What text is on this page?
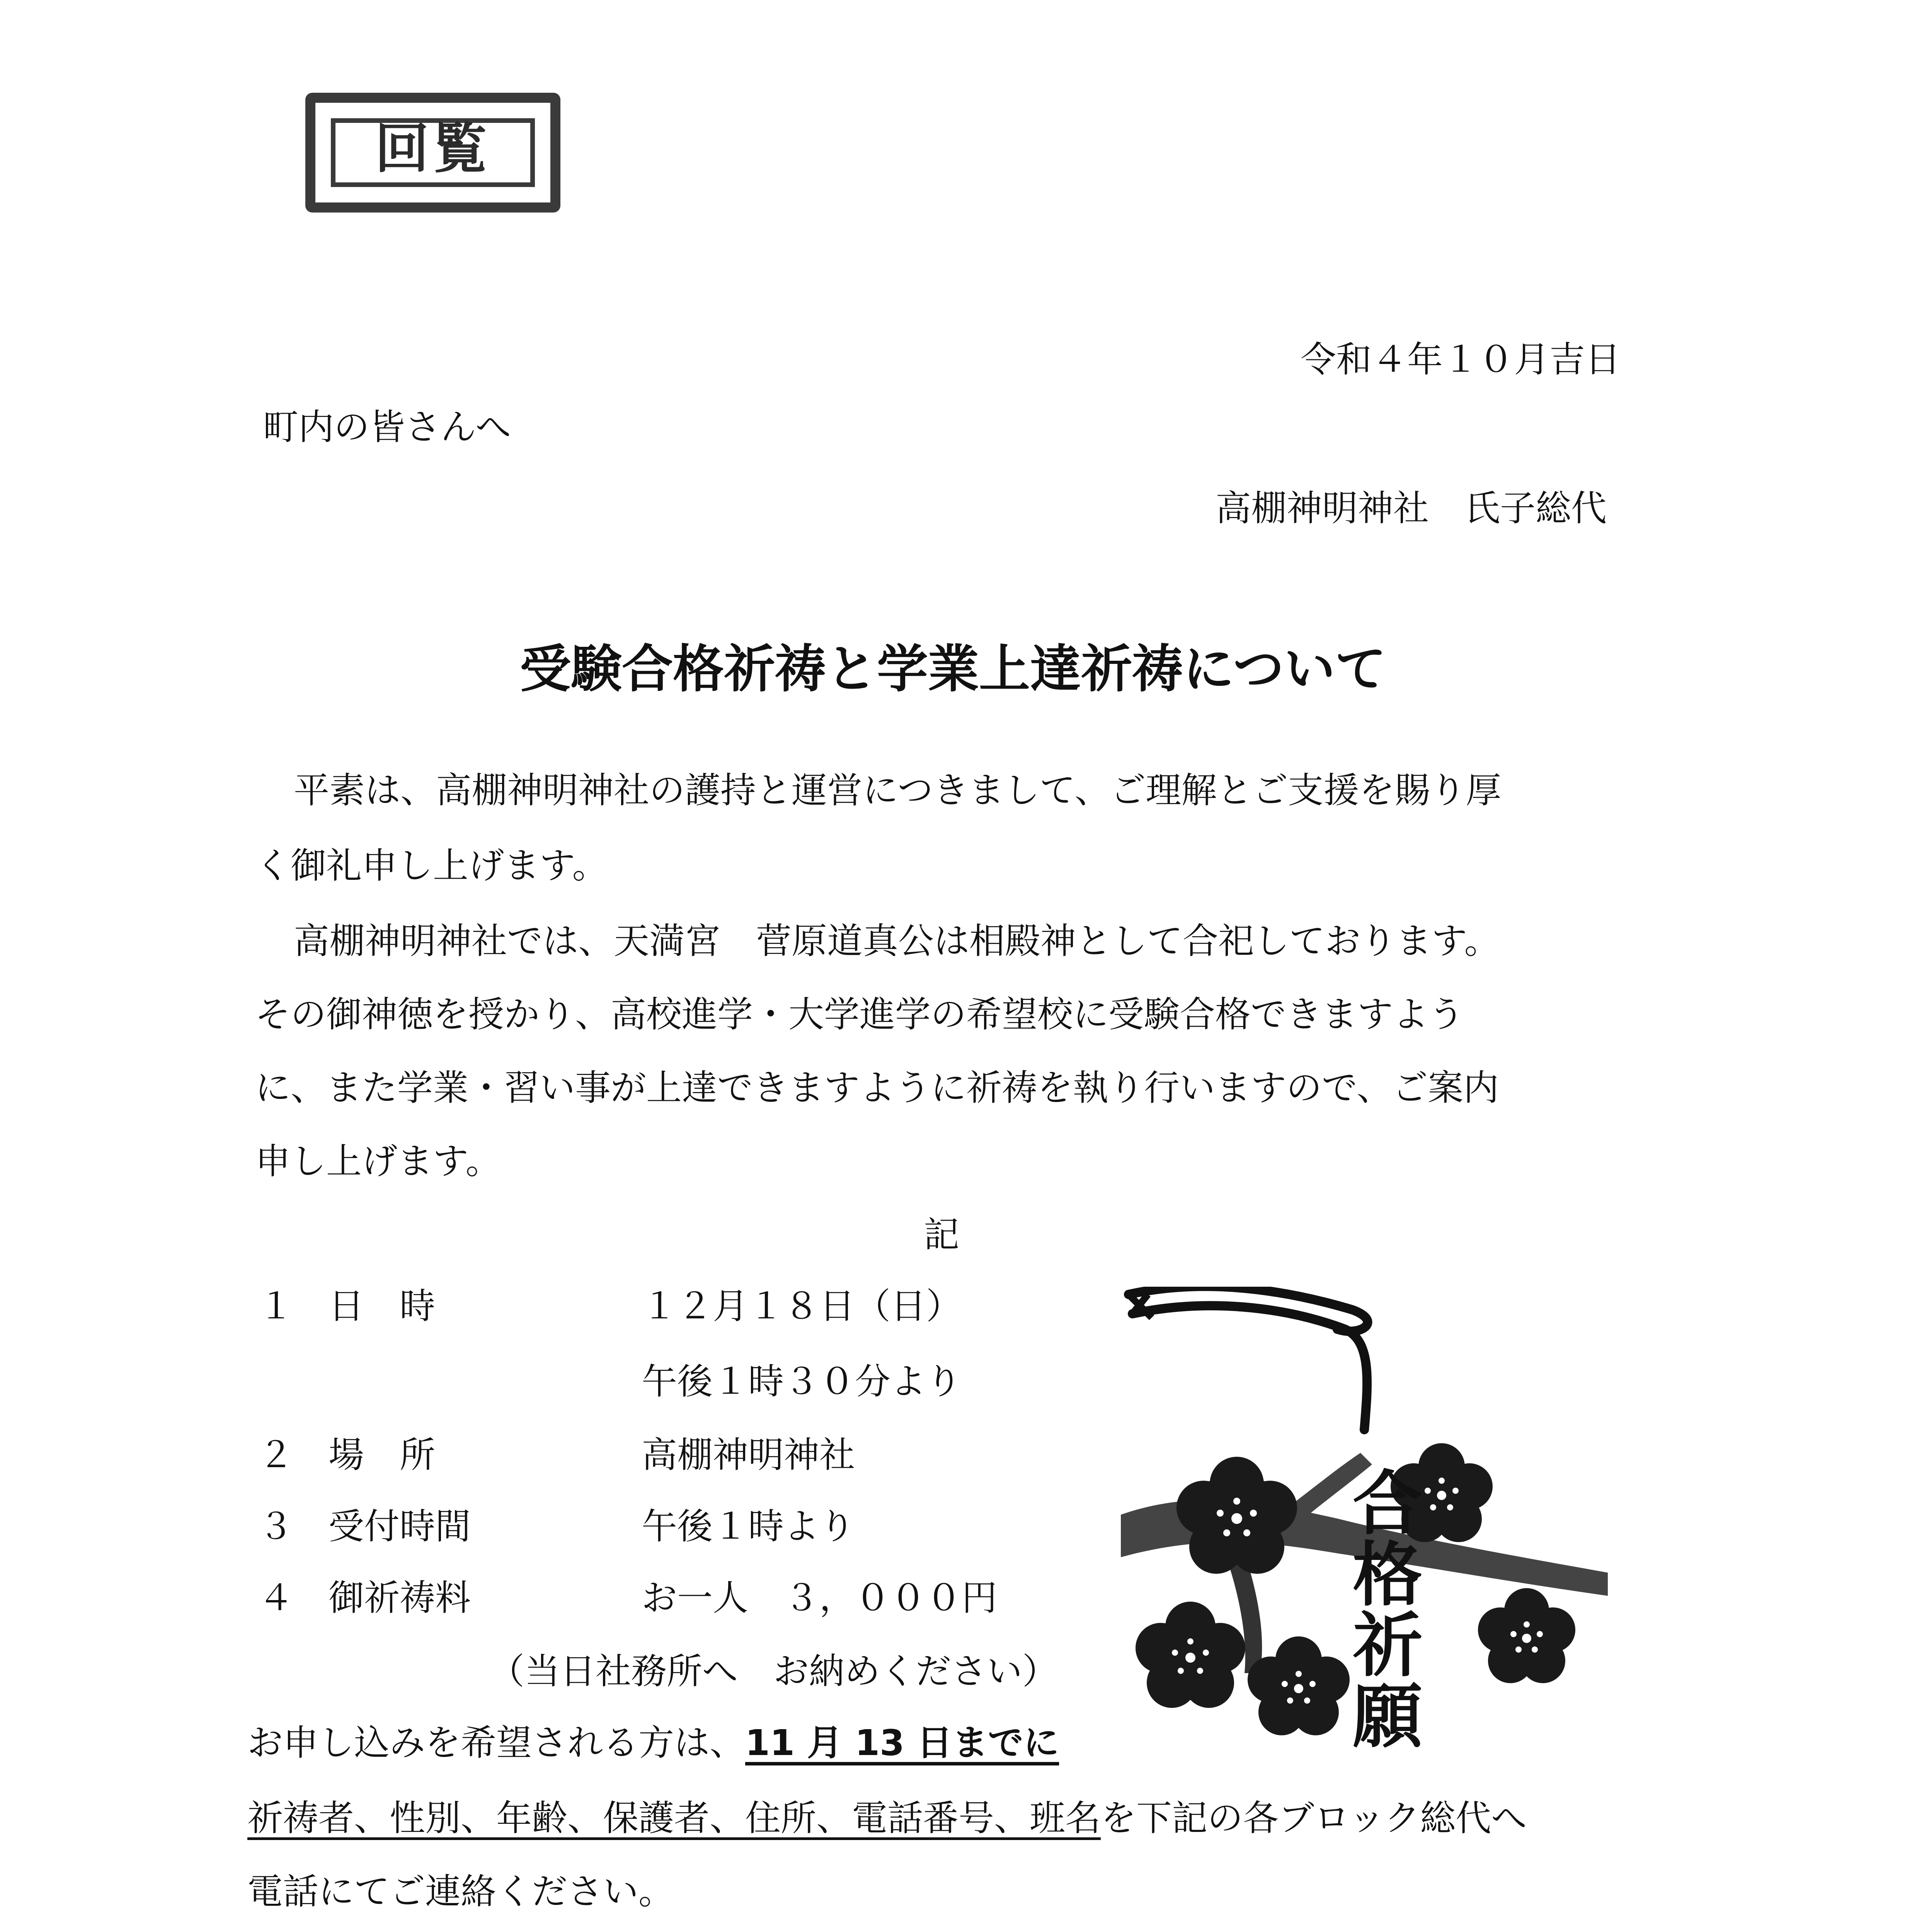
回覧
令和４年１０月吉日
町内の皆さんへ
高棚神明神社　氏子総代
受験合格祈祷と学業上達祈祷について
平素は、高棚神明神社の護持と運営につきまして、ご理解とご支援を賜り厚
く御礼申し上げます。
高棚神明神社では、天満宮　菅原道真公は相殿神として合祀しております。
その御神徳を授かり、高校進学・大学進学の希望校に受験合格できますよう
に、また学業・習い事が上達できますように祈祷を執り行いますので、ご案内
申し上げます。
記
１ 日　時	１２月１８日（日）
午後１時３０分より
２ 場　所	高棚神明神社
３ 受付時間	午後１時より
４ 御祈祷料	お一人　３，０００円
（当日社務所へ　お納めください）
お申し込みを希望される方は、11 月 13 日までに
祈祷者、性別、年齢、保護者、住所、電話番号、班名を下記の各ブロック総代へ
電話にてご連絡ください。
合格祈願
